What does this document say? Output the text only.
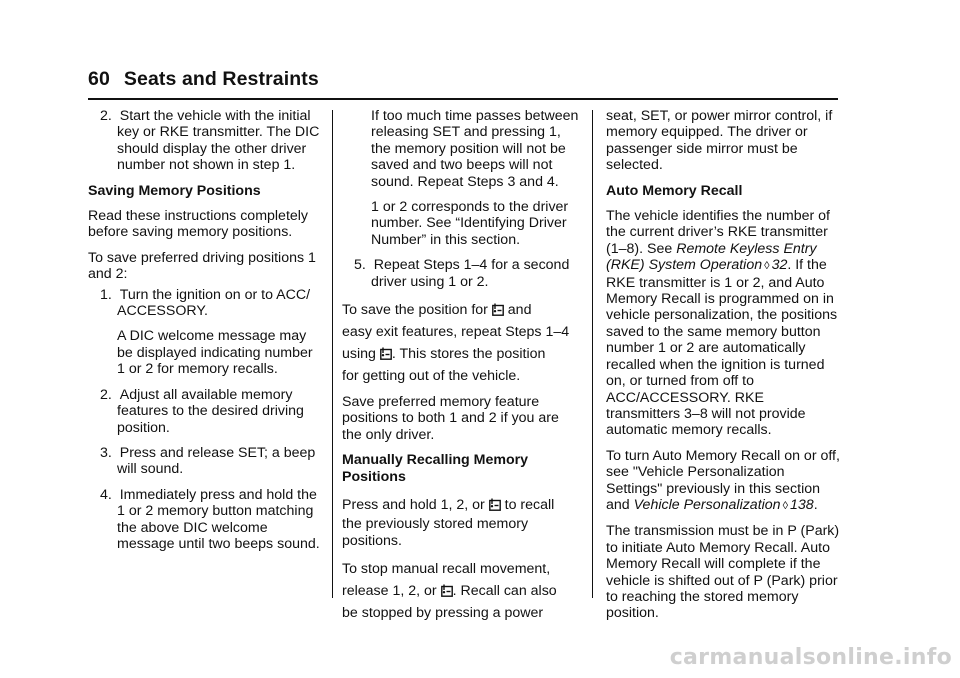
60 Seats and Restraints

2. Start the vehicle with the initial key or RKE transmitter. The DIC should display the other driver number not shown in step 1.

Saving Memory Positions

Read these instructions completely before saving memory positions.

To save preferred driving positions 1 and 2:

1. Turn the ignition on or to ACC/ ACCESSORY.

A DIC welcome message may be displayed indicating number 1 or 2 for memory recalls.

2. Adjust all available memory features to the desired driving position.

3. Press and release SET; a beep will sound.

4. Immediately press and hold the 1 or 2 memory button matching the above DIC welcome message until two beeps sound.

If too much time passes between releasing SET and pressing 1, the memory position will not be saved and two beeps will not sound. Repeat Steps 3 and 4.

1 or 2 corresponds to the driver number. See “Identifying Driver Number” in this section.

5. Repeat Steps 1–4 for a second driver using 1 or 2.

To save the position for  and

easy exit features, repeat Steps 1–4

using . This stores the position

for getting out of the vehicle.

Save preferred memory feature positions to both 1 and 2 if you are the only driver.

Manually Recalling Memory Positions

Press and hold 1, 2, or  to recall

the previously stored memory positions.

To stop manual recall movement,

release 1, 2, or . Recall can also

be stopped by pressing a power

seat, SET, or power mirror control, if memory equipped. The driver or passenger side mirror must be selected.

Auto Memory Recall

The vehicle identifies the number of the current driver’s RKE transmitter (1–8). See Remote Keyless Entry (RKE) System Operation ◊ 32. If the RKE transmitter is 1 or 2, and Auto Memory Recall is programmed on in vehicle personalization, the positions saved to the same memory button number 1 or 2 are automatically recalled when the ignition is turned on, or turned from off to ACC/ACCESSORY. RKE transmitters 3–8 will not provide automatic memory recalls.

To turn Auto Memory Recall on or off, see "Vehicle Personalization Settings" previously in this section and Vehicle Personalization ◊ 138.

The transmission must be in P (Park) to initiate Auto Memory Recall. Auto Memory Recall will complete if the vehicle is shifted out of P (Park) prior to reaching the stored memory position.

carmanualsonline.info
